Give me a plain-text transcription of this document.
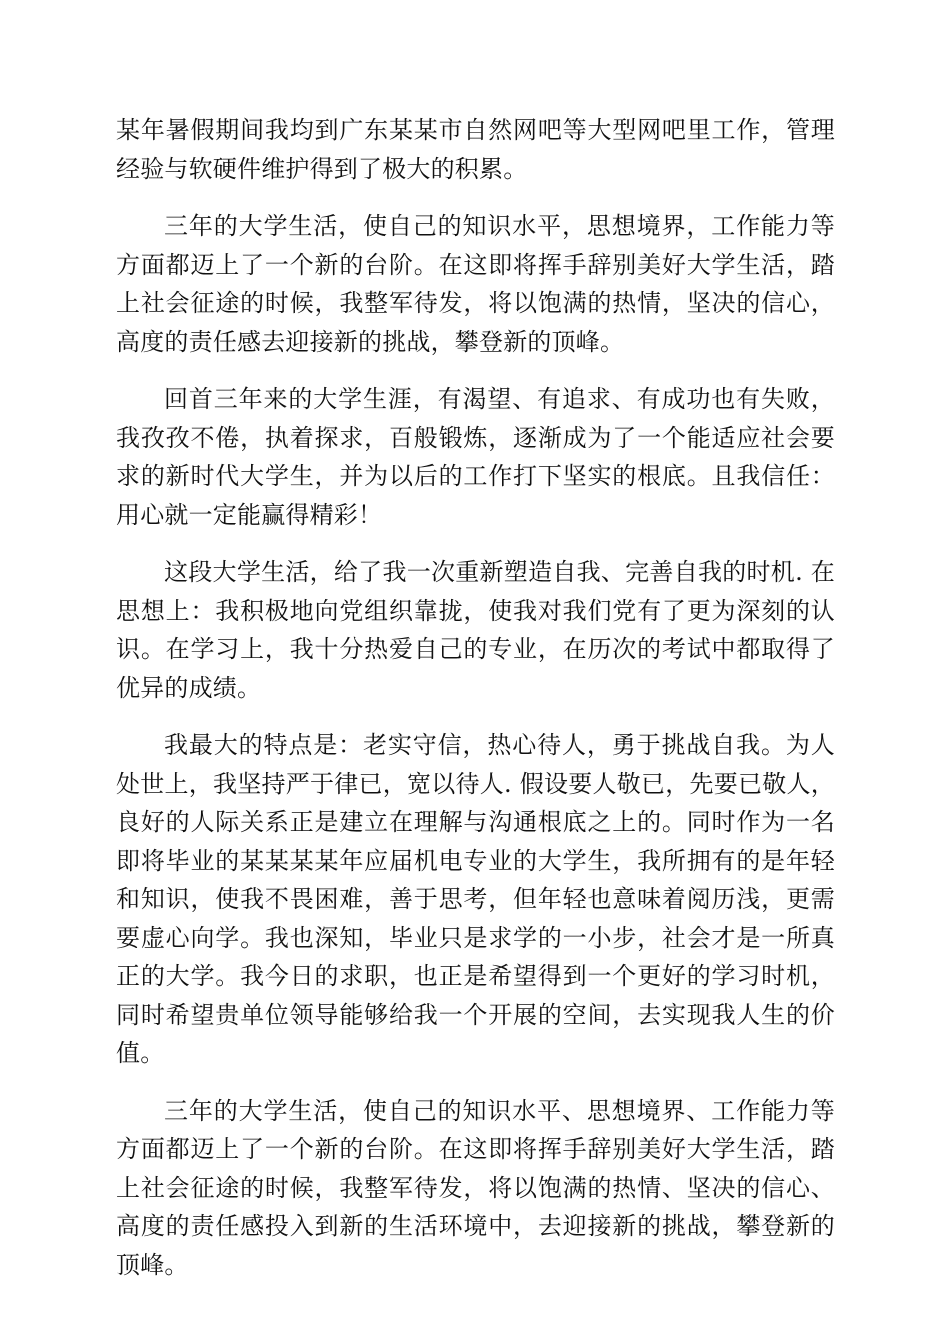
某年暑假期间我均到广东某某市自然网吧等大型网吧里工作，管理经验与软硬件维护得到了极大的积累。

三年的大学生活，使自己的知识水平，思想境界，工作能力等方面都迈上了一个新的台阶。在这即将挥手辞别美好大学生活，踏上社会征途的时候，我整军待发，将以饱满的热情，坚决的信心，高度的责任感去迎接新的挑战，攀登新的顶峰。

回首三年来的大学生涯，有渴望、有追求、有成功也有失败，我孜孜不倦，执着探求，百般锻炼，逐渐成为了一个能适应社会要求的新时代大学生，并为以后的工作打下坚实的根底。且我信任：用心就一定能赢得精彩！

这段大学生活，给了我一次重新塑造自我、完善自我的时机. 在思想上：我积极地向党组织靠拢，使我对我们党有了更为深刻的认识。在学习上，我十分热爱自己的专业，在历次的考试中都取得了优异的成绩。

我最大的特点是：老实守信，热心待人，勇于挑战自我。为人处世上，我坚持严于律已，宽以待人. 假设要人敬已，先要已敬人，良好的人际关系正是建立在理解与沟通根底之上的。同时作为一名即将毕业的某某某某年应届机电专业的大学生，我所拥有的是年轻和知识，使我不畏困难，善于思考，但年轻也意味着阅历浅，更需要虚心向学。我也深知，毕业只是求学的一小步，社会才是一所真正的大学。我今日的求职，也正是希望得到一个更好的学习时机，同时希望贵单位领导能够给我一个开展的空间，去实现我人生的价值。

三年的大学生活，使自己的知识水平、思想境界、工作能力等方面都迈上了一个新的台阶。在这即将挥手辞别美好大学生活，踏上社会征途的时候，我整军待发，将以饱满的热情、坚决的信心、高度的责任感投入到新的生活环境中，去迎接新的挑战，攀登新的顶峰。
